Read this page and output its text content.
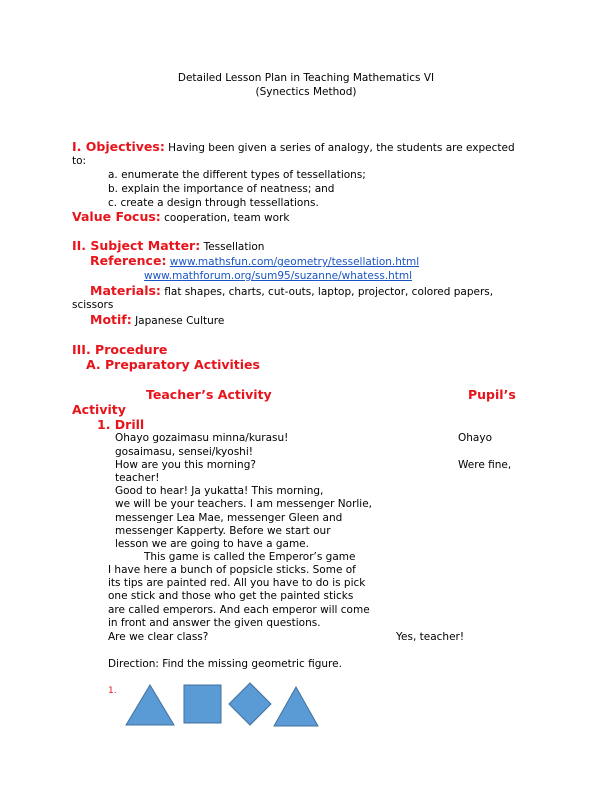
Detailed Lesson Plan in Teaching Mathematics VI
(Synectics Method)
I. Objectives: Having been given a series of analogy, the students are expected
to:
a. enumerate the different types of tessellations;
b. explain the importance of neatness; and
c. create a design through tessellations.
Value Focus: cooperation, team work
II. Subject Matter: Tessellation
Reference: www.mathsfun.com/geometry/tessellation.html
www.mathforum.org/sum95/suzanne/whatess.html
Materials: flat shapes, charts, cut-outs, laptop, projector, colored papers,
scissors
Motif: Japanese Culture
III. Procedure
A. Preparatory Activities
Teacher’s Activity	Pupil’s
Activity
1. Drill
Ohayo gozaimasu minna/kurasu!	Ohayo
gosaimasu, sensei/kyoshi!
How are you this morning?	Were fine,
teacher!
Good to hear! Ja yukatta! This morning,
we will be your teachers. I am messenger Norlie,
messenger Lea Mae, messenger Gleen and
messenger Kapperty. Before we start our
lesson we are going to have a game.
This game is called the Emperor’s game
I have here a bunch of popsicle sticks. Some of
its tips are painted red. All you have to do is pick
one stick and those who get the painted sticks
are called emperors. And each emperor will come
in front and answer the given questions.
Are we clear class?	Yes, teacher!
Direction: Find the missing geometric figure.
1.
